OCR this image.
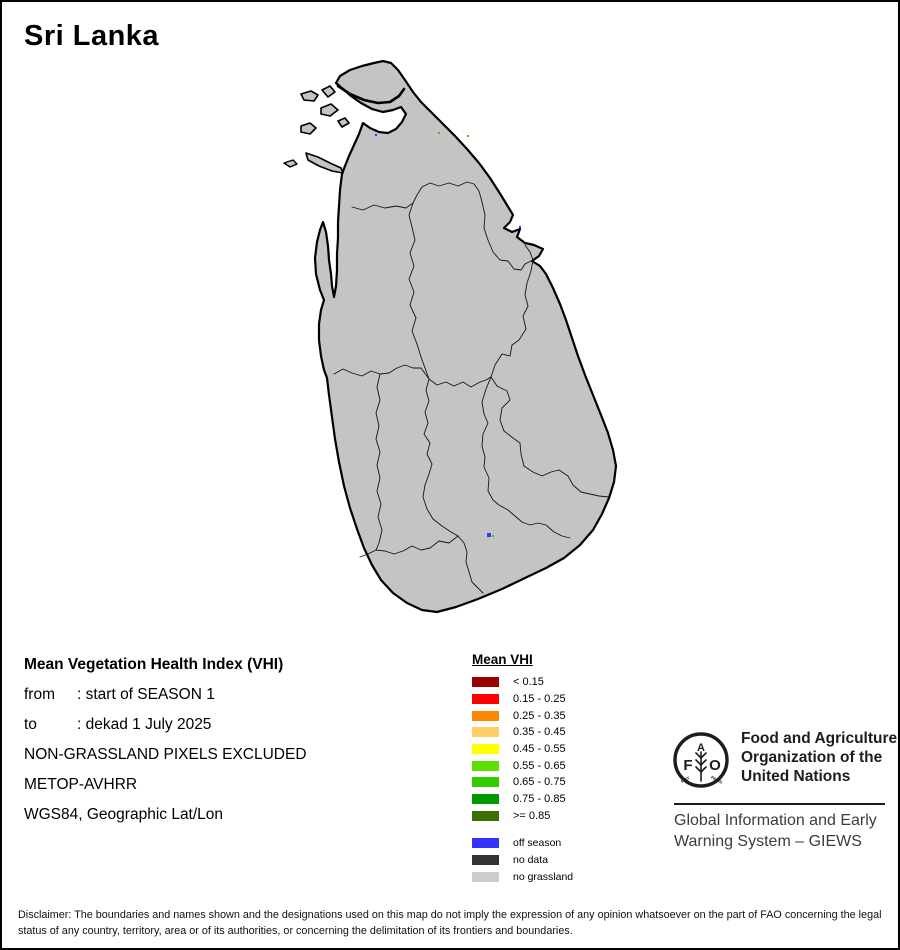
Sri Lanka
Mean Vegetation Health Index (VHI)
from : start of SEASON 1
to	: dekad 1 July 2025
NON-GRASSLAND PIXELS EXCLUDED
METOP-AVHRR
WGS84, Geographic Lat/Lon
Mean VHI
< 0.15
0.15 - 0.25
0.25 - 0.35
0.35 - 0.45
0.45 - 0.55
0.55 - 0.65
0.65 - 0.75
0.75 - 0.85
>= 0.85
off season
no data
no grassland
F O
A
FIAT	PANIS
Food and Agriculture
Organization of the
United Nations
Global Information and Early
Warning System – GIEWS
Disclaimer: The boundaries and names shown and the designations used on this map do not imply the expression of any opinion whatsoever on the part of FAO concerning the legal status of any country, territory, area or of its authorities, or concerning the delimitation of its frontiers and boundaries.
